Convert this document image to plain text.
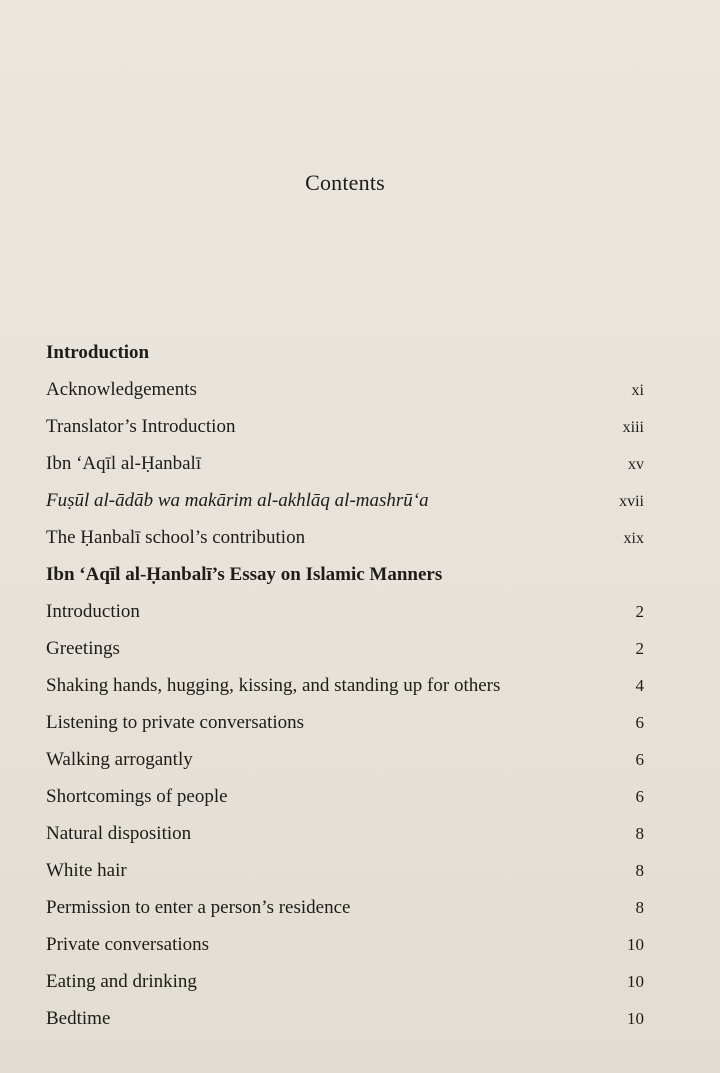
Contents
Introduction
Acknowledgements	xi
Translator’s Introduction	xiii
Ibn ‘Aqīl al-Ḥanbalī	xv
Fuṣūl al-ādāb wa makārim al-akhlāq al-mashrū‘a	xvii
The Ḥanbalī school’s contribution	xix
Ibn ‘Aqīl al-Ḥanbalī’s Essay on Islamic Manners
Introduction	2
Greetings	2
Shaking hands, hugging, kissing, and standing up for others	4
Listening to private conversations	6
Walking arrogantly	6
Shortcomings of people	6
Natural disposition	8
White hair	8
Permission to enter a person’s residence	8
Private conversations	10
Eating and drinking	10
Bedtime	10
